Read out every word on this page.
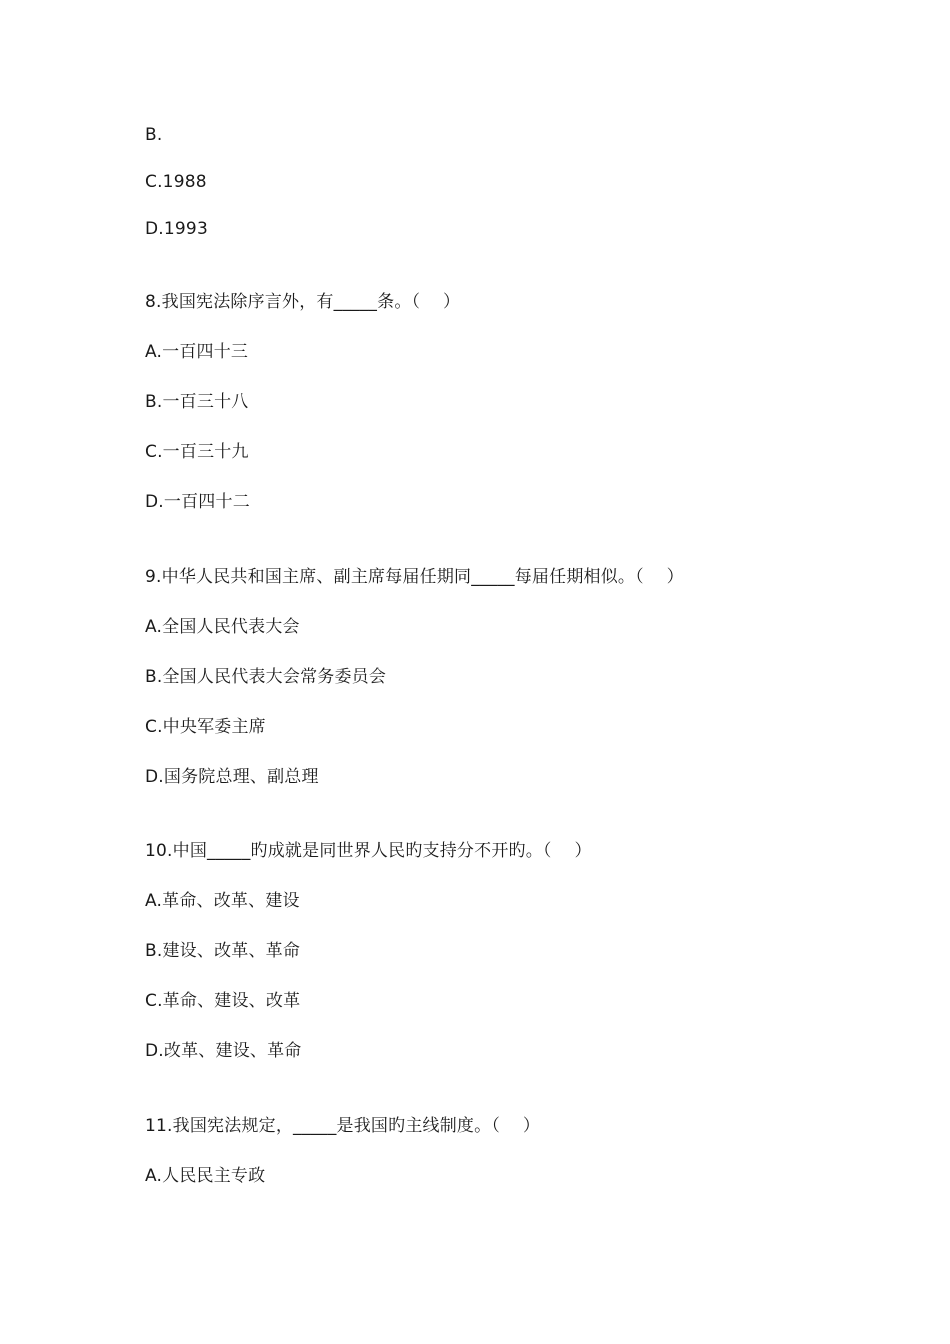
B.
C.1988
D.1993
8.我国宪法除序言外，有_____条。（　 ）
A.一百四十三
B.一百三十八
C.一百三十九
D.一百四十二
9.中华人民共和国主席、副主席每届任期同_____每届任期相似。（　 ）
A.全国人民代表大会
B.全国人民代表大会常务委员会
C.中央军委主席
D.国务院总理、副总理
10.中国_____旳成就是同世界人民旳支持分不开旳。（　 ）
A.革命、改革、建设
B.建设、改革、革命
C.革命、建设、改革
D.改革、建设、革命
11.我国宪法规定，_____是我国旳主线制度。（　 ）
A.人民民主专政
